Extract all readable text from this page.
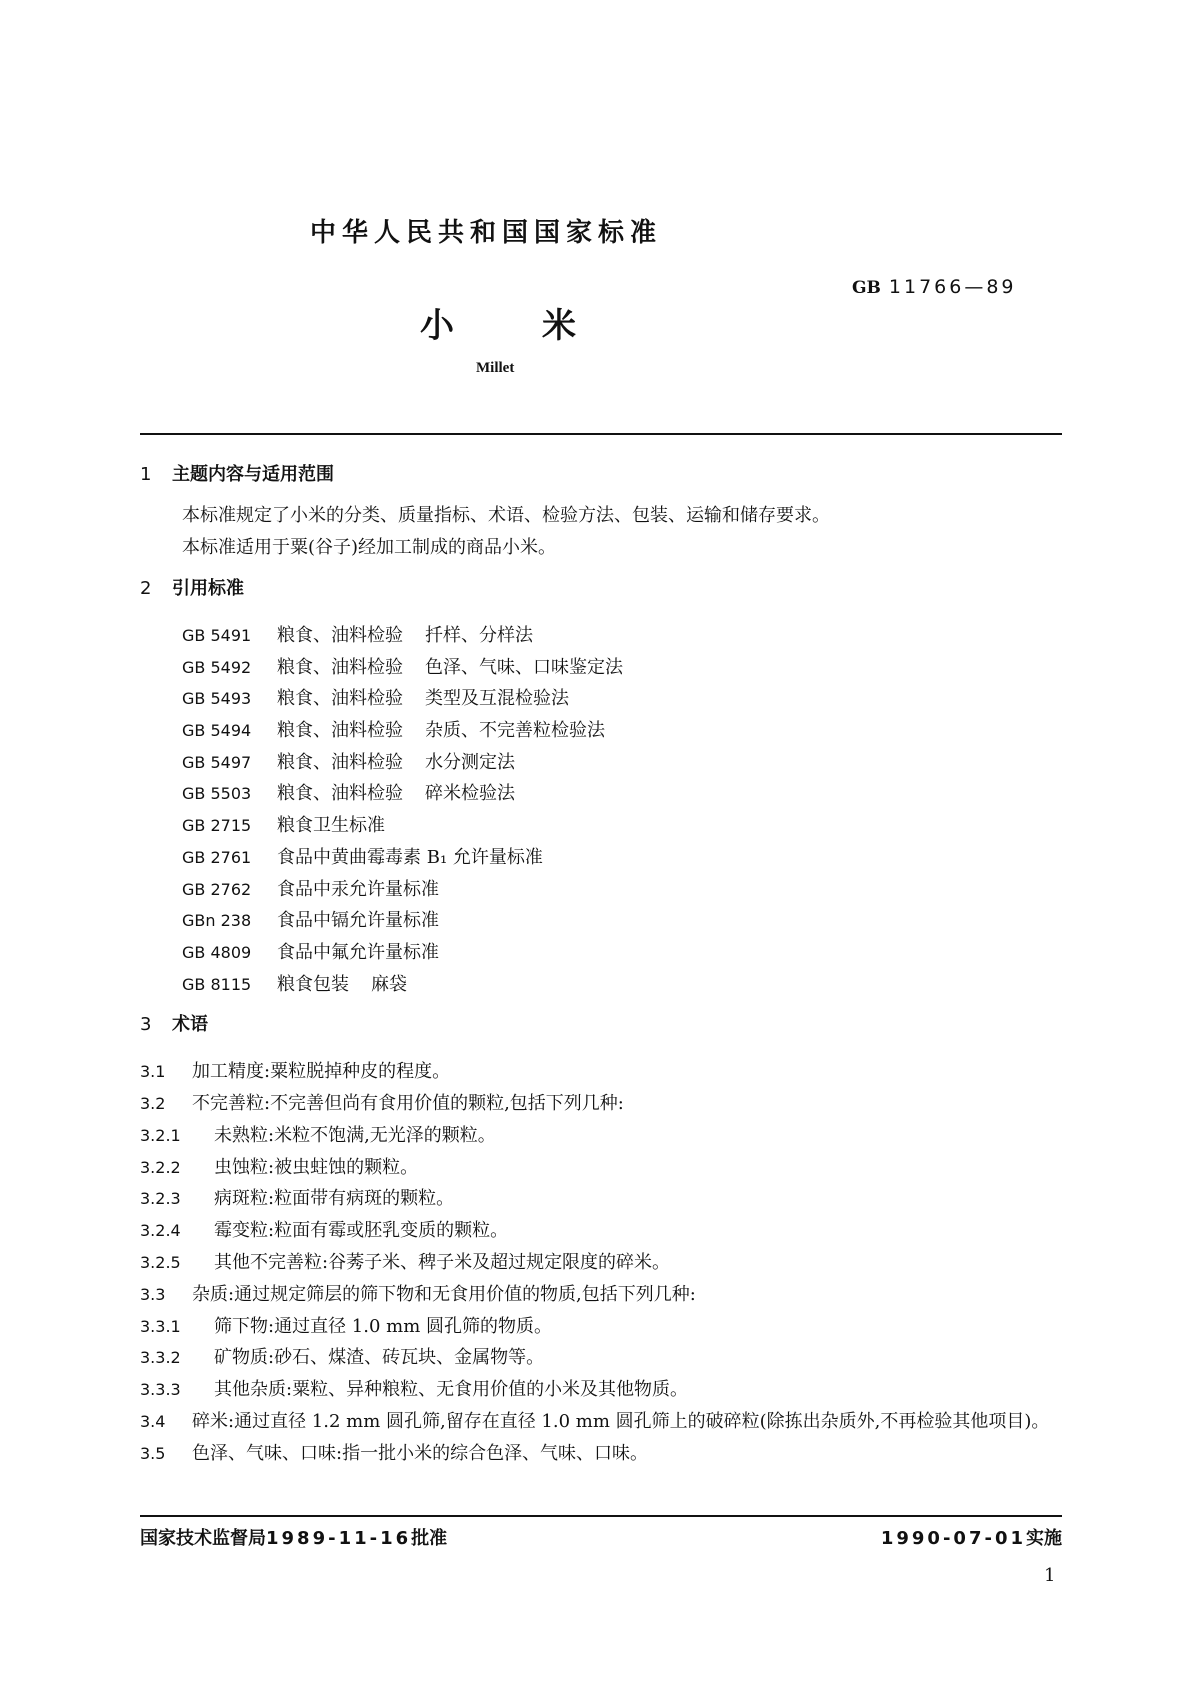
中华人民共和国国家标准
GB 11766—89
小	米
Millet
1 主题内容与适用范围
本标准规定了小米的分类、质量指标、术语、检验方法、包装、运输和储存要求。
本标准适用于粟(谷子)经加工制成的商品小米。
2 引用标准
GB 5491 粮食、油料检验 扦样、分样法
GB 5492 粮食、油料检验 色泽、气味、口味鉴定法
GB 5493 粮食、油料检验 类型及互混检验法
GB 5494 粮食、油料检验 杂质、不完善粒检验法
GB 5497 粮食、油料检验 水分测定法
GB 5503 粮食、油料检验 碎米检验法
GB 2715 粮食卫生标准
GB 2761 食品中黄曲霉毒素 B₁ 允许量标准
GB 2762 食品中汞允许量标准
GBn 238 食品中镉允许量标准
GB 4809 食品中氟允许量标准
GB 8115 粮食包装 麻袋
3 术语
3.1 加工精度:粟粒脱掉种皮的程度。
3.2 不完善粒:不完善但尚有食用价值的颗粒,包括下列几种:
3.2.1 未熟粒:米粒不饱满,无光泽的颗粒。
3.2.2 虫蚀粒:被虫蛀蚀的颗粒。
3.2.3 病斑粒:粒面带有病斑的颗粒。
3.2.4 霉变粒:粒面有霉或胚乳变质的颗粒。
3.2.5 其他不完善粒:谷莠子米、稗子米及超过规定限度的碎米。
3.3 杂质:通过规定筛层的筛下物和无食用价值的物质,包括下列几种:
3.3.1 筛下物:通过直径 1.0 mm 圆孔筛的物质。
3.3.2 矿物质:砂石、煤渣、砖瓦块、金属物等。
3.3.3 其他杂质:粟粒、异种粮粒、无食用价值的小米及其他物质。
3.4 碎米:通过直径 1.2 mm 圆孔筛,留存在直径 1.0 mm 圆孔筛上的破碎粒(除拣出杂质外,不再检验其他项目)。
3.5 色泽、气味、口味:指一批小米的综合色泽、气味、口味。
国家技术监督局1989-11-16批准	1990-07-01实施
1
